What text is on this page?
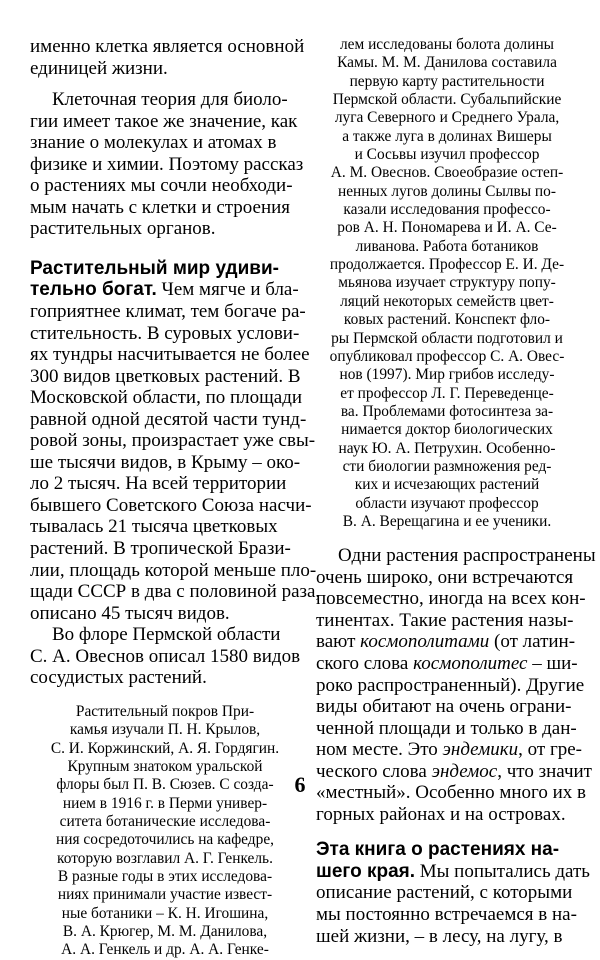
именно клетка является основной
единицей жизни.
Клеточная теория для биоло-
гии имеет такое же значение, как
знание о молекулах и атомах в
физике и химии. Поэтому рассказ
о растениях мы сочли необходи-
мым начать с клетки и строения
растительных органов.
Растительный мир удиви-
тельно богат. Чем мягче и бла-
гоприятнее климат, тем богаче ра-
стительность. В суровых услови-
ях тундры насчитывается не более
300 видов цветковых растений. В
Московской области, по площади
равной одной десятой части тунд-
ровой зоны, произрастает уже свы-
ше тысячи видов, в Крыму – око-
ло 2 тысяч. На всей территории
бывшего Советского Союза насчи-
тывалась 21 тысяча цветковых
растений. В тропической Брази-
лии, площадь которой меньше пло-
щади СССР в два с половиной раза,
описано 45 тысяч видов.
Во флоре Пермской области
С. А. Овеснов описал 1580 видов
сосудистых растений.
Растительный покров При-
камья изучали П. Н. Крылов,
С. И. Коржинский, А. Я. Гордягин.
Крупным знатоком уральской
флоры был П. В. Сюзев. С созда-
нием в 1916 г. в Перми универ-
ситета ботанические исследова-
ния сосредоточились на кафедре,
которую возглавил А. Г. Генкель.
В разные годы в этих исследова-
ниях принимали участие извест-
ные ботаники – К. Н. Игошина,
В. А. Крюгер, М. М. Данилова,
А. А. Генкель и др. А. А. Генке-
лем исследованы болота долины
Камы. М. М. Данилова составила
первую карту растительности
Пермской области. Субальпийские
луга Северного и Среднего Урала,
а также луга в долинах Вишеры
и Сосьвы изучил профессор
А. М. Овеснов. Своеобразие остеп-
ненных лугов долины Сылвы по-
казали исследования профессо-
ров А. Н. Пономарева и И. А. Се-
ливанова. Работа ботаников
продолжается. Профессор Е. И. Де-
мьянова изучает структуру попу-
ляций некоторых семейств цвет-
ковых растений. Конспект фло-
ры Пермской области подготовил и
опубликовал профессор С. А. Овес-
нов (1997). Мир грибов исследу-
ет профессор Л. Г. Переведенце-
ва. Проблемами фотосинтеза за-
нимается доктор биологических
наук Ю. А. Петрухин. Особенно-
сти биологии размножения ред-
ких и исчезающих растений
области изучают профессор
В. А. Верещагина и ее ученики.
Одни растения распространены
очень широко, они встречаются
повсеместно, иногда на всех кон-
тинентах. Такие растения назы-
вают космополитами (от латин-
ского слова космополитес – ши-
роко распространенный). Другие
виды обитают на очень ограни-
ченной площади и только в дан-
ном месте. Это эндемики, от гре-
ческого слова эндемос, что значит
«местный». Особенно много их в
горных районах и на островах.
Эта книга о растениях на-
шего края. Мы попытались дать
описание растений, с которыми
мы постоянно встречаемся в на-
шей жизни, – в лесу, на лугу, в
6
